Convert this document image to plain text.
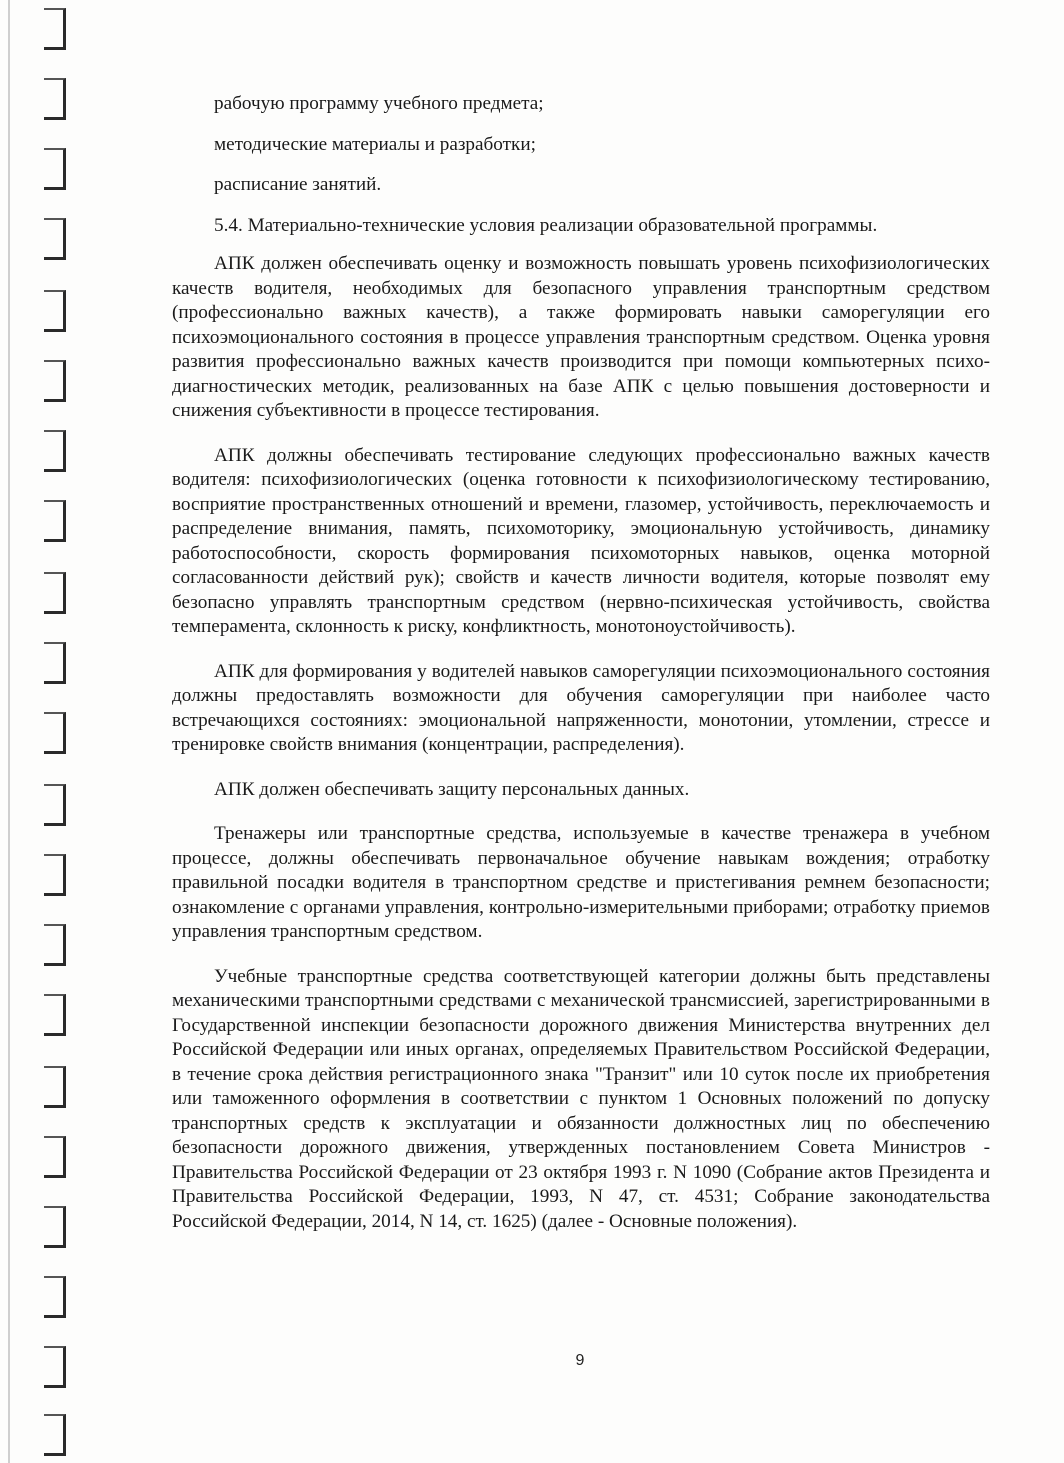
рабочую программу учебного предмета;
методические материалы и разработки;
расписание занятий.
5.4. Материально-технические условия реализации образовательной программы.

АПК должен обеспечивать оценку и возможность повышать уровень психофизиологических качеств водителя, необходимых для безопасного управления транспортным средством (профессионально важных качеств), а также формировать навыки саморегуляции его психоэмоционального состояния в процессе управления транспортным средством. Оценка уровня развития профессионально важных качеств производится при помощи компьютерных психо-диагностических методик, реализованных на базе АПК с целью повышения достоверности и снижения субъективности в процессе тестирования.

АПК должны обеспечивать тестирование следующих профессионально важных качеств водителя: психофизиологических (оценка готовности к психофизиологическому тестированию, восприятие пространственных отношений и времени, глазомер, устойчивость, переключаемость и распределение внимания, память, психомоторику, эмоциональную устойчивость, динамику работоспособности, скорость формирования психомоторных навыков, оценка моторной согласованности действий рук); свойств и качеств личности водителя, которые позволят ему безопасно управлять транспортным средством (нервно-психическая устойчивость, свойства темперамента, склонность к риску, конфликтность, монотоноустойчивость).

АПК для формирования у водителей навыков саморегуляции психоэмоционального состояния должны предоставлять возможности для обучения саморегуляции при наиболее часто встречающихся состояниях: эмоциональной напряженности, монотонии, утомлении, стрессе и тренировке свойств внимания (концентрации, распределения).

АПК должен обеспечивать защиту персональных данных.

Тренажеры или транспортные средства, используемые в качестве тренажера в учебном процессе, должны обеспечивать первоначальное обучение навыкам вождения; отработку правильной посадки водителя в транспортном средстве и пристегивания ремнем безопасности; ознакомление с органами управления, контрольно-измерительными приборами; отработку приемов управления транспортным средством.

Учебные транспортные средства соответствующей категории должны быть представлены механическими транспортными средствами с механической трансмиссией, зарегистрированными в Государственной инспекции безопасности дорожного движения Министерства внутренних дел Российской Федерации или иных органах, определяемых Правительством Российской Федерации, в течение срока действия регистрационного знака "Транзит" или 10 суток после их приобретения или таможенного оформления в соответствии с пунктом 1 Основных положений по допуску транспортных средств к эксплуатации и обязанности должностных лиц по обеспечению безопасности дорожного движения, утвержденных постановлением Совета Министров - Правительства Российской Федерации от 23 октября 1993 г. N 1090 (Собрание актов Президента и Правительства Российской Федерации, 1993, N 47, ст. 4531; Собрание законодательства Российской Федерации, 2014, N 14, ст. 1625) (далее - Основные положения).

9
